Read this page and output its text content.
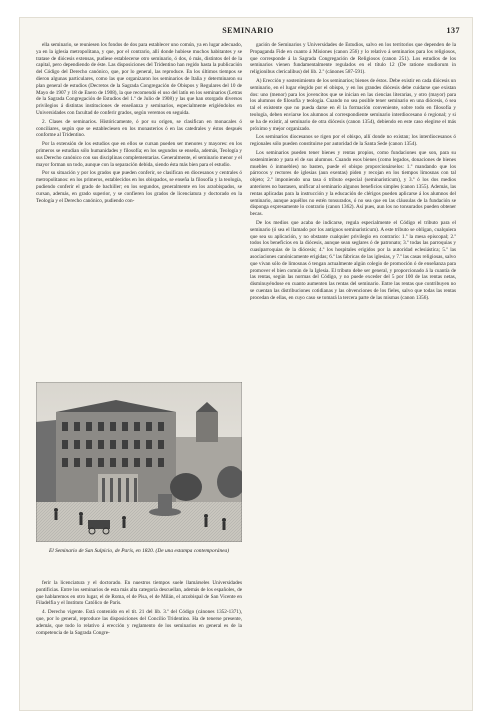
SEMINARIO	137

ella seminario, se reuniesen los fondos de dos para establecer uno común, ya en lugar adecuado, ya en la iglesia metropolitana, y que, por el contrario, allí donde hubiese muchos habitantes y se tratase de diócesis extensas, pudiese establecerse otro seminario, ó dos, ó más, distintos del de la capital, pero dependiendo de éste. Las disposiciones del Tridentino han regido hasta la publicación del Código del Derecho canónico, que, por lo general, las reproduce. En los últimos tiempos se dieron algunas particulares, como las que organizaron los seminarios de Italia y determinaron su plan general de estudios (Decretos de la Sagrada Congregación de Obispos y Regulares del 10 de Mayo de 1907 y 18 de Enero de 1908), la que recomendó el uso del latín en los seminarios (Letras de la Sagrada Congregación de Estudios del 1.º de Julio de 1908) y las que han otorgado diversos privilegios á distintas instituciones de enseñanza y seminarios, especialmente erigiéndolos en Universidades con facultad de conferir grados, según veremos en seguida.

2. Clases de seminarios. Históricamente, ó por su origen, se clasifican en monacales ó conciliares, según que se estableciesen en los monasterios ó en las catedrales y éstos después conforme al Tridentino.

Por la extensión de los estudios que en ellos se cursan pueden ser menores y mayores: en los primeros se estudian sólo humanidades y filosofía; en los segundos se enseña, además, Teología y sus Derecho canónico con sus disciplinas complementarias. Generalmente, el seminario menor y el mayor forman un todo, aunque con la separación debida, siendo ésta más bien para el estudio.

Por su situación y por los grados que pueden conferir, se clasifican en diocesanos y centrales ó metropolitanos: en los primeros, establecidos en los obispados, se enseña la filosofía y la teología, pudiendo conferir el grado de bachiller; en los segundos, generalmente en los arzobispados, se cursan, además, en grado superior, y se confieren los grados de licenciatura y doctorado en la Teología y el Derecho canónico, pudiendo con-

El Seminario de San Sulpicio, de París, en 1820. (De una estampa contemporánea)

ferir la licenciatura y el doctorado. En nuestros tiempos suele llamárseles Universidades pontificias. Entre los seminarios de esta más alta categoría descuellan, además de los españoles, de que hablaremos en otro lugar, el de Roma, el de Pisa, el de Milán, el arzobispal de San Vicente en Filadelfia y el Instituto Católico de París.

4. Derecho vigente. Está contenido en el tít. 21 del lib. 3.º del Código (cánones 1352-1371), que, por lo general, reproduce las disposiciones del Concilio Tridentino. Ha de tenerse presente, además, que todo lo relativo á erección y reglamento de los seminarios en general es de la competencia de la Sagrada Congre-

gación de Seminarios y Universidades de Estudios, salvo en los territorios que dependen de la Propaganda Fide en cuanto á Misiones (canon 256) y lo relativo á seminarios para los religiosos, que corresponde á la Sagrada Congregación de Religiosos (canon 251). Los estudios de los seminarios vienen fundamentalmente regulados en el título 12 (De ratione studiorum in religionibus clericalibus) del lib. 2.º (cánones 587-591).

A) Erección y sostenimiento de los seminarios; bienes de éstos. Debe existir en cada diócesis un seminario, en el lugar elegido por el obispo, y en los grandes diócesis debe cuidarse que existan dos: uno (menor) para los jovencitos que se inician en las ciencias literarias, y otro (mayor) para los alumnos de filosofía y teología. Cuando no sea posible tener seminario en una diócesis, ó sea tal el existente que no pueda darse en él la formación conveniente, sobre todo en filosofía y teología, deben enviarse los alumnos al correspondiente seminario interdiocesano ó regional; y si se ha de existir, al seminario de otra diócesis (canon 1354), debiendo en este caso elegirse el más próximo y mejor organizado.

Los seminarios diocesanos se rigen por el obispo, allí donde no existan; los interdiocesanos ó regionales sólo pueden constituirse por autoridad de la Santa Sede (canon 1354).

Los seminarios pueden tener bienes y rentas propios, como fundaciones que son, para su sostenimiento y para el de sus alumnos. Cuando esos bienes (como legados, donaciones de bienes muebles ó inmuebles) no basten, puede el obispo proporcionárselos: 1.º mandando que los párrocos y rectores de iglesias (aun exentas) piden y recojan en los tiempos limosnas con tal objeto; 2.º imponiendo una tasa ó tributo especial (seminaristicum), y 3.º ó los dos medios anteriores no bastasen, unificar al seminario algunos beneficios simples (canon 1355). Además, las rentas aplicadas para la instrucción y la educación de clérigos pueden aplicarse á los alumnos del seminario, aunque aquéllos no estén tonsurados, ó no sea que en las cláusulas de la fundación se disponga expresamente lo contrario (canon 1362). Así pues, aun los no tonsurados pueden obtener becas.

De los medios que acaba de indicarse, regula especialmente el Código el tributo para el seminario (ó sea el llamado por los antiguos seminaristicum). A este tributo se obligan, cualquiera que sea su aplicación, y no obstante cualquier privilegio en contrario: 1.º la mesa episcopal; 2.º todos los beneficios en la diócesis, aunque sean seglares ó de patronato; 3.º todas las parroquias y cuasiparroquias de la diócesis; 4.º los hospitales erigidos por la autoridad eclesiástica; 5.º las asociaciones canónicamente erigidas; 6.º las fábricas de las iglesias, y 7.º las casas religiosas, salvo que vivan sólo de limosnas ó tengan actualmente algún colegio de promoción ó de enseñanza para promover el bien común de la Iglesia. El tributo debe ser general, y proporcionado á la cuantía de las rentas, según las normas del Código, y no puede exceder del 5 por 100 de las rentas netas, disminuyéndose en cuanto aumenten las rentas del seminario. Entre las rentas que contribuyen no se cuentan las distribuciones cotidianas y las obvenciones de los fieles, salvo que todas las rentas procedan de ellas, en cuyo caso se tomará la tercera parte de las mismas (canon 1356).
